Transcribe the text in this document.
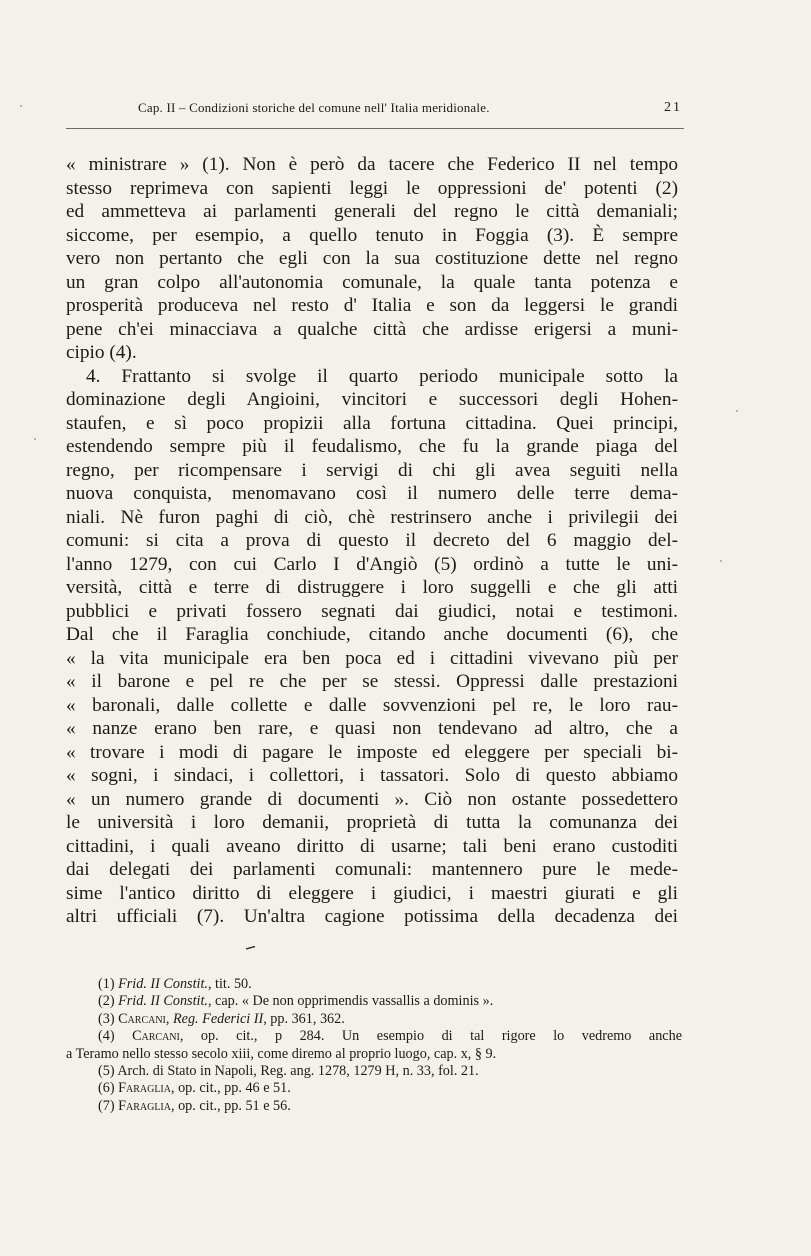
Cap. II – Condizioni storiche del comune nell' Italia meridionale.	21
« ministrare » (1). Non è però da tacere che Federico II nel tempo
stesso reprimeva con sapienti leggi le oppressioni de' potenti (2)
ed ammetteva ai parlamenti generali del regno le città demaniali;
siccome, per esempio, a quello tenuto in Foggia (3). È sempre
vero non pertanto che egli con la sua costituzione dette nel regno
un gran colpo all'autonomia comunale, la quale tanta potenza e
prosperità produceva nel resto d' Italia e son da leggersi le grandi
pene ch'ei minacciava a qualche città che ardisse erigersi a muni-
cipio (4).
4. Frattanto si svolge il quarto periodo municipale sotto la
dominazione degli Angioini, vincitori e successori degli Hohen-
staufen, e sì poco propizii alla fortuna cittadina. Quei principi,
estendendo sempre più il feudalismo, che fu la grande piaga del
regno, per ricompensare i servigi di chi gli avea seguiti nella
nuova conquista, menomavano così il numero delle terre dema-
niali. Nè furon paghi di ciò, chè restrinsero anche i privilegii dei
comuni: si cita a prova di questo il decreto del 6 maggio del-
l'anno 1279, con cui Carlo I d'Angiò (5) ordinò a tutte le uni-
versità, città e terre di distruggere i loro suggelli e che gli atti
pubblici e privati fossero segnati dai giudici, notai e testimoni.
Dal che il Faraglia conchiude, citando anche documenti (6), che
« la vita municipale era ben poca ed i cittadini vivevano più per
« il barone e pel re che per se stessi. Oppressi dalle prestazioni
« baronali, dalle collette e dalle sovvenzioni pel re, le loro rau-
« nanze erano ben rare, e quasi non tendevano ad altro, che a
« trovare i modi di pagare le imposte ed eleggere per speciali bi-
« sogni, i sindaci, i collettori, i tassatori. Solo di questo abbiamo
« un numero grande di documenti ». Ciò non ostante possedettero
le università i loro demanii, proprietà di tutta la comunanza dei
cittadini, i quali aveano diritto di usarne; tali beni erano custoditi
dai delegati dei parlamenti comunali: mantennero pure le mede-
sime l'antico diritto di eleggere i giudici, i maestri giurati e gli
altri ufficiali (7). Un'altra cagione potissima della decadenza dei
(1) Frid. II Constit., tit. 50.
(2) Frid. II Constit., cap. « De non opprimendis vassallis a dominis ».
(3) Carcani, Reg. Federici II, pp. 361, 362.
(4) Carcani, op. cit., p 284. Un esempio di tal rigore lo vedremo anche
a Teramo nello stesso secolo xiii, come diremo al proprio luogo, cap. x, § 9.
(5) Arch. di Stato in Napoli, Reg. ang. 1278, 1279 H, n. 33, fol. 21.
(6) Faraglia, op. cit., pp. 46 e 51.
(7) Faraglia, op. cit., pp. 51 e 56.
